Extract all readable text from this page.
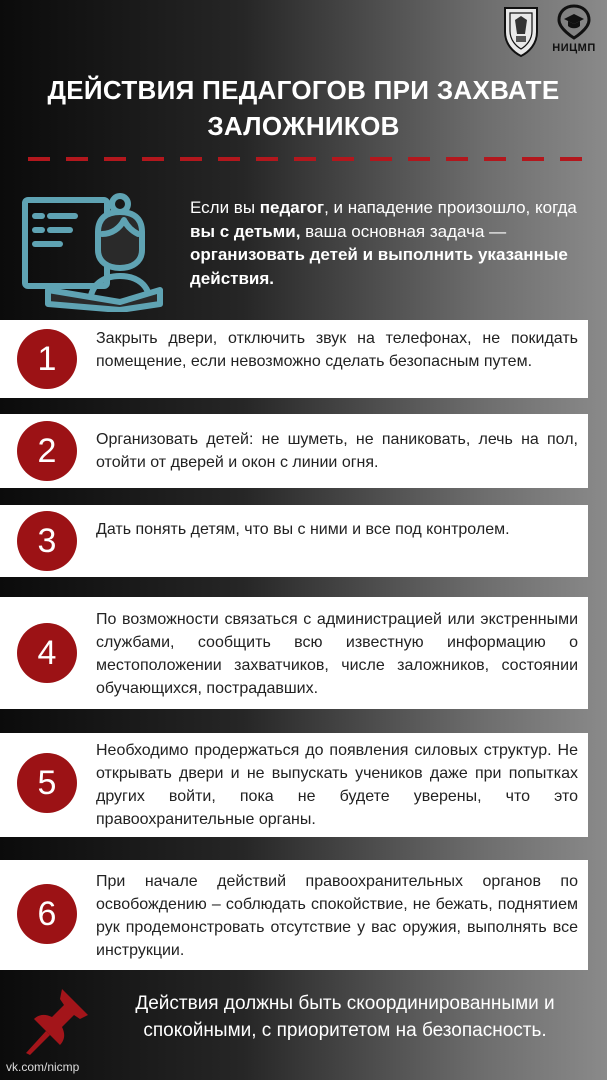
НИЦМП
ДЕЙСТВИЯ ПЕДАГОГОВ ПРИ ЗАХВАТЕ
ЗАЛОЖНИКОВ
Если вы педагог, и нападение произошло, когда вы с детьми, ваша основная задача — организовать детей и выполнить указанные действия.
1
Закрыть двери, отключить звук на телефонах, не покидать помещение, если невозможно сделать безопасным путем.
2	Организовать детей: не шуметь, не паниковать, лечь на пол, отойти от дверей и окон с линии огня.
3	Дать понять детям, что вы с ними и все под контролем.
4
По возможности связаться с администрацией или экстренными службами, сообщить всю известную информацию о местоположении захватчиков, числе заложников, состоянии обучающихся, пострадавших.
5
Необходимо продержаться до появления силовых структур. Не открывать двери и не выпускать учеников даже при попытках других войти, пока не будете уверены, что это правоохранительные органы.
6
При начале действий правоохранительных органов по освобождению – соблюдать спокойствие, не бежать, поднятием рук продемонстровать отсутствие у вас оружия, выполнять все инструкции.
Действия должны быть скоординированными и спокойными, с приоритетом на безопасность.
vk.com/nicmp
